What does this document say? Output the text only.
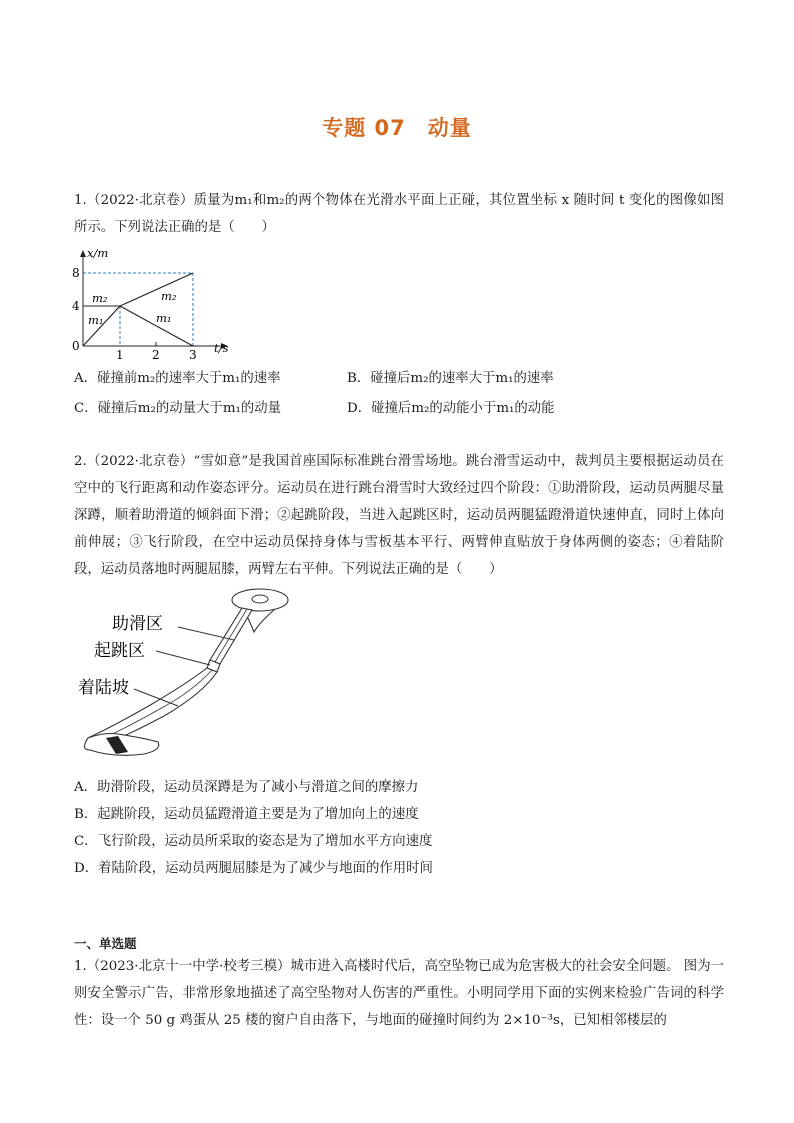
专题 07　动量
1.（2022·北京卷）质量为m₁和m₂的两个物体在光滑水平面上正碰，其位置坐标 x 随时间 t 变化的图像如图所示。下列说法正确的是（　　）
8
4
0
1 2 3
x/m
t/s
m₂
m₁
m₂
m₁
A．碰撞前m₂的速率大于m₁的速率	B．碰撞后m₂的速率大于m₁的速率
C．碰撞后m₂的动量大于m₁的动量	D．碰撞后m₂的动能小于m₁的动能
2.（2022·北京卷）“雪如意”是我国首座国际标准跳台滑雪场地。跳台滑雪运动中，裁判员主要根据运动员在空中的飞行距离和动作姿态评分。运动员在进行跳台滑雪时大致经过四个阶段：①助滑阶段，运动员两腿尽量深蹲，顺着助滑道的倾斜面下滑；②起跳阶段，当进入起跳区时，运动员两腿猛蹬滑道快速伸直，同时上体向前伸展；③飞行阶段，在空中运动员保持身体与雪板基本平行、两臂伸直贴放于身体两侧的姿态；④着陆阶段，运动员落地时两腿屈膝，两臂左右平伸。下列说法正确的是（　　）
助滑区
起跳区
着陆坡
A．助滑阶段，运动员深蹲是为了减小与滑道之间的摩擦力
B．起跳阶段，运动员猛蹬滑道主要是为了增加向上的速度
C．飞行阶段，运动员所采取的姿态是为了增加水平方向速度
D．着陆阶段，运动员两腿屈膝是为了减少与地面的作用时间
一、单选题
1.（2023·北京十一中学·校考三模）城市进入高楼时代后，高空坠物已成为危害极大的社会安全问题。 图为一则安全警示广告，非常形象地描述了高空坠物对人伤害的严重性。小明同学用下面的实例来检验广告词的科学性：设一个 50 g 鸡蛋从 25 楼的窗户自由落下，与地面的碰撞时间约为 2×10⁻³s，已知相邻楼层的
